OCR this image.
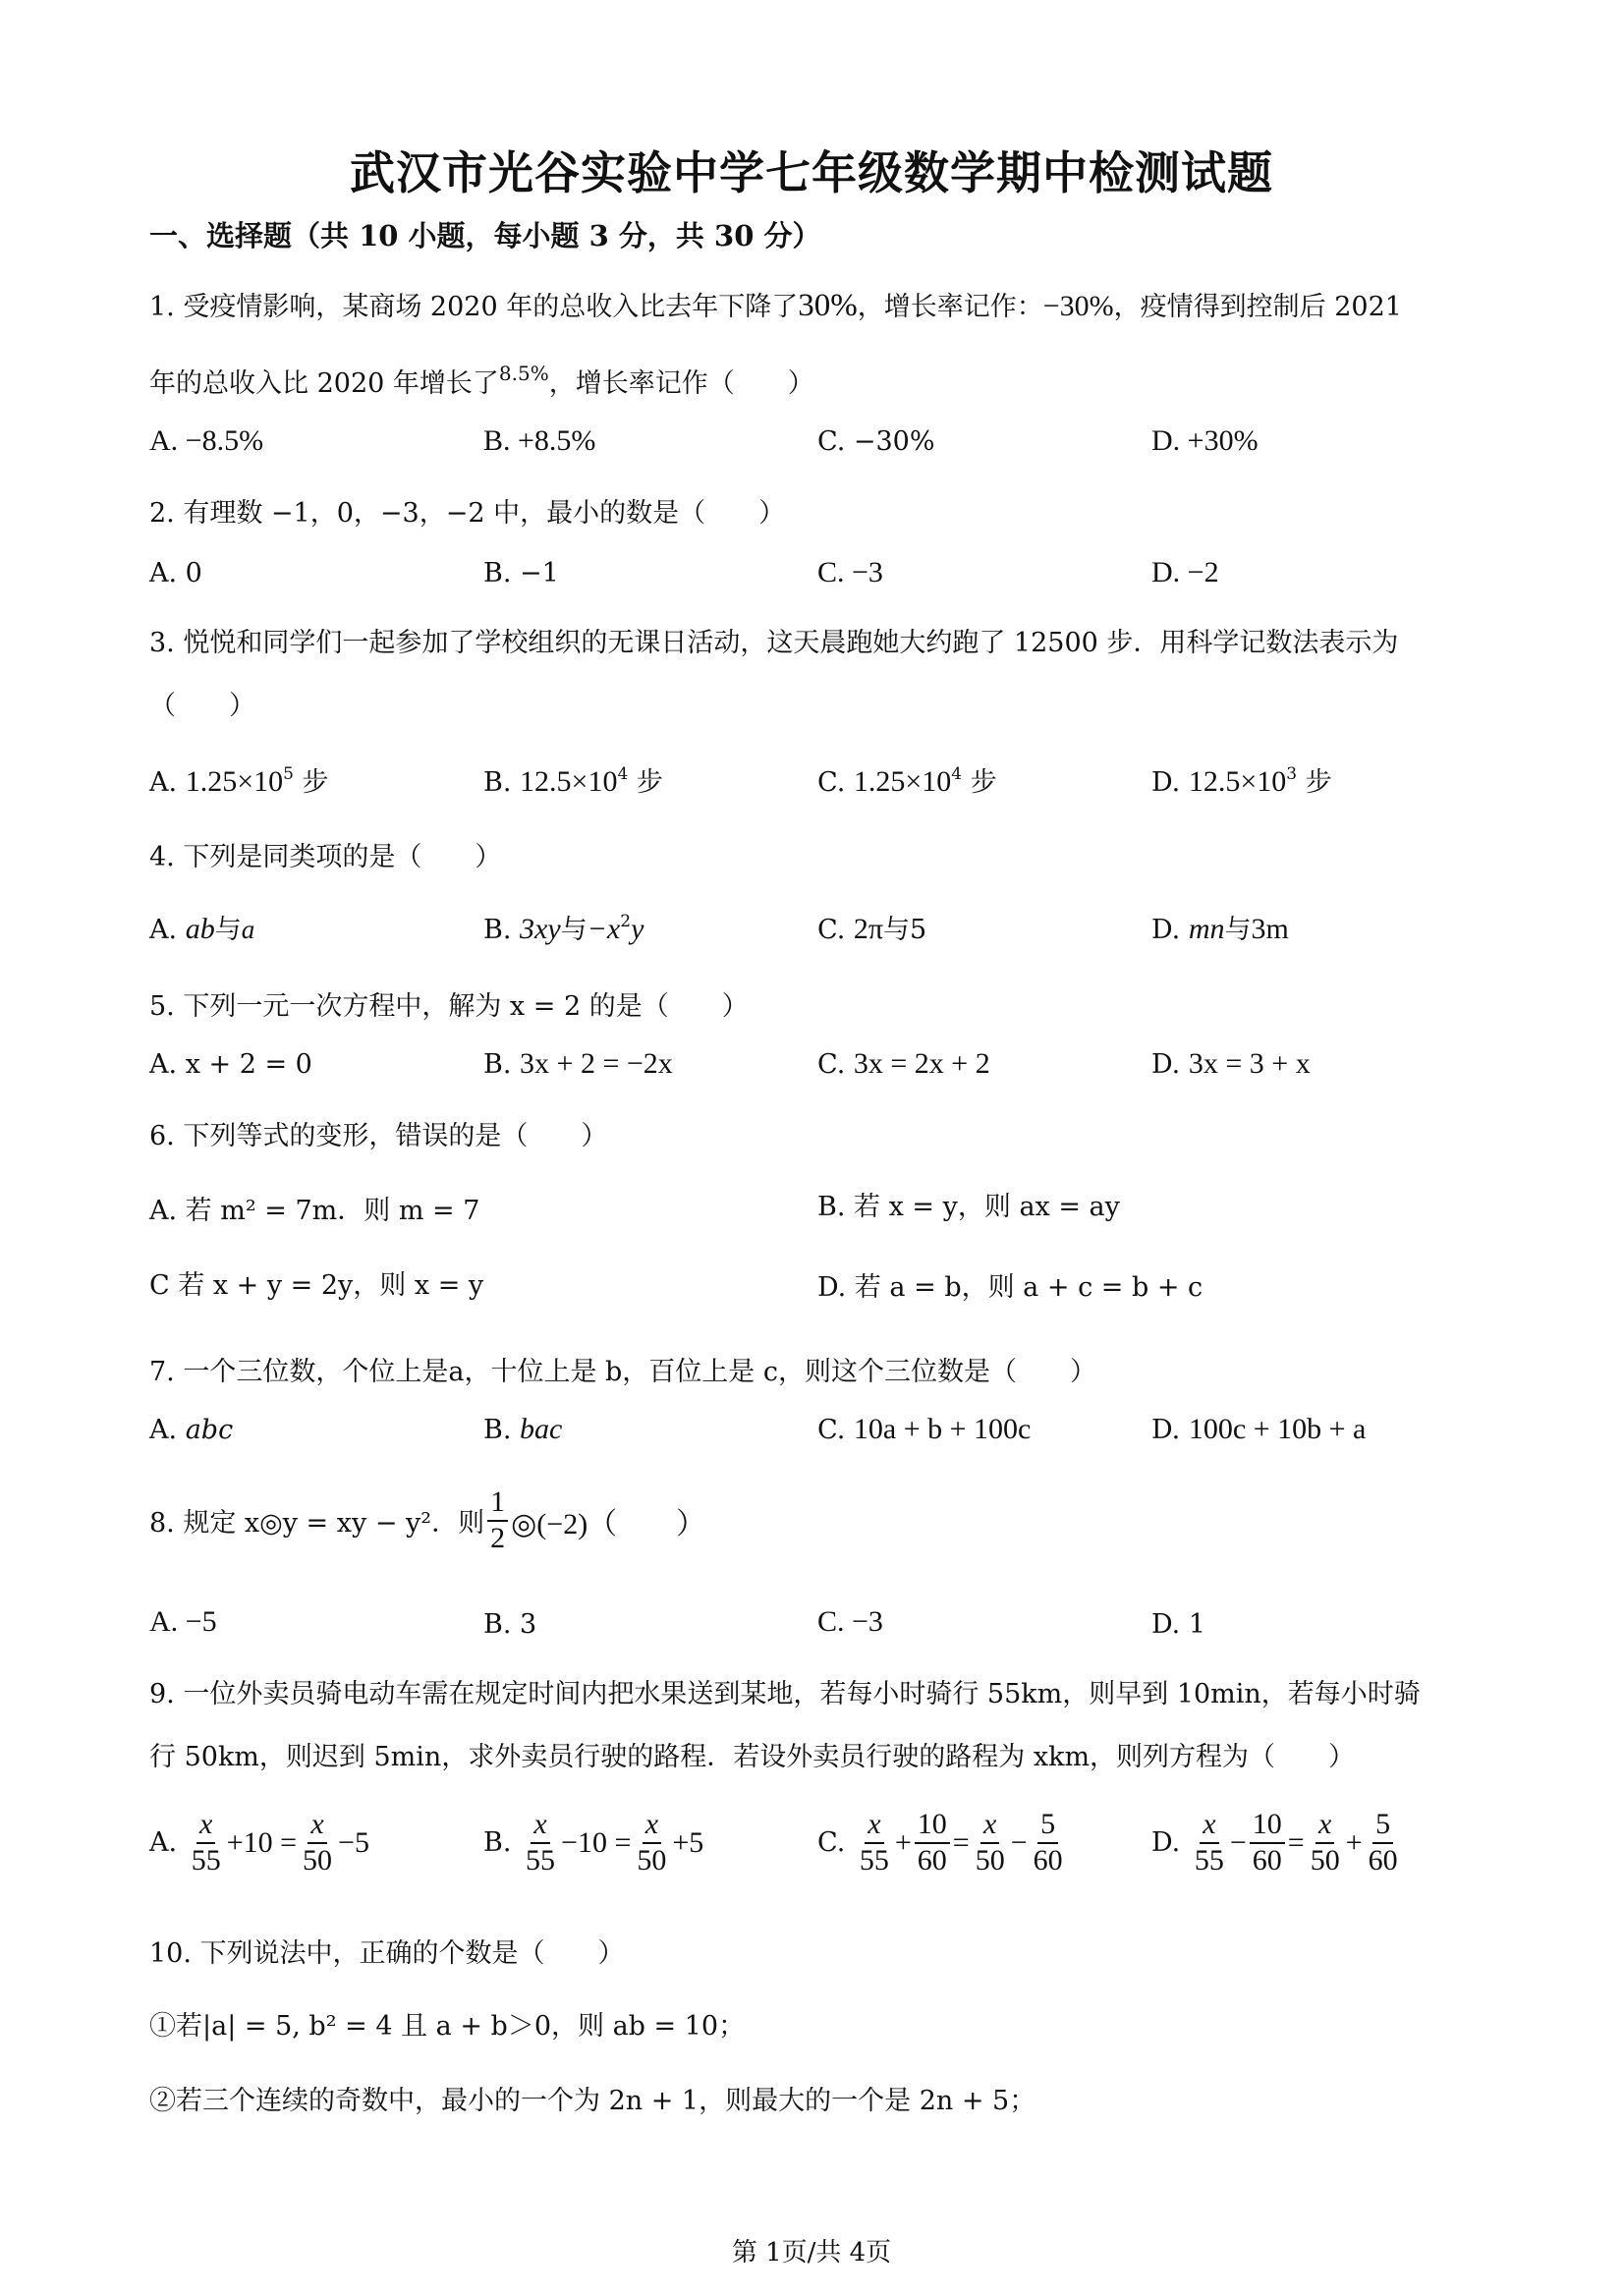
武汉市光谷实验中学七年级数学期中检测试题
一、选择题（共 10 小题，每小题 3 分，共 30 分）
1. 受疫情影响，某商场 2020 年的总收入比去年下降了30%，增长率记作：−30%，疫情得到控制后 2021
年的总收入比 2020 年增长了$^{8.5\%}$，增长率记作（　　）
A. −8.5%	B. +8.5%	C. −30%	D. +30%
2. 有理数 −1，0，−3，−2 中，最小的数是（　　）
A. 0	B. −1	C. −3	D. −2
3. 悦悦和同学们一起参加了学校组织的无课日活动，这天晨跑她大约跑了 12500 步．用科学记数法表示为
（　　）
A. $1.25\times 10^5$ 步	B. $12.5\times 10^4$ 步	C. $1.25\times 10^4$ 步	D. $12.5\times 10^3$ 步
4. 下列是同类项的是（　　）
A. ab与a	B. 3xy与$-x^2y$	C. 2π与5	D. mn与3m
5. 下列一元一次方程中，解为 x = 2 的是（　　）
A. x + 2 = 0	B. 3x + 2 = −2x	C. 3x = 2x + 2	D. 3x = 3 + x
6. 下列等式的变形，错误的是（　　）
A. 若 m² = 7m．则 m = 7	B. 若 x = y，则 ax = ay
C 若 x + y = 2y，则 x = y	D. 若 a = b，则 a + c = b + c
7. 一个三位数，个位上是a，十位上是 b，百位上是 c，则这个三位数是（　　）
A. abc	B. bac	C. 10a + b + 100c	D. 100c + 10b + a
8. 规定 x◎y = xy − y²．则 $\frac{1}{2}$ ◎(−2)（　　）
A. −5	B. 3	C. −3	D. 1
9. 一位外卖员骑电动车需在规定时间内把水果送到某地，若每小时骑行 55km，则早到 10min，若每小时骑
行 50km，则迟到 5min，求外卖员行驶的路程．若设外卖员行驶的路程为 xkm，则列方程为（　　）
A.
$\frac{x}{55} +10 = \frac{x}{50} -5$	B.
$\frac{x}{55} -10 = \frac{x}{50} +5$	C.
$\frac{x}{55} + \frac{10}{60} = \frac{x}{50} - \frac{5}{60}$	D.
$\frac{x}{55} - \frac{10}{60} = \frac{x}{50} + \frac{5}{60}$
10. 下列说法中，正确的个数是（　　）
①若|a| = 5, b² = 4 且 a + b＞0，则 ab = 10；
②若三个连续的奇数中，最小的一个为 2n + 1，则最大的一个是 2n + 5；
第 1页/共 4页
